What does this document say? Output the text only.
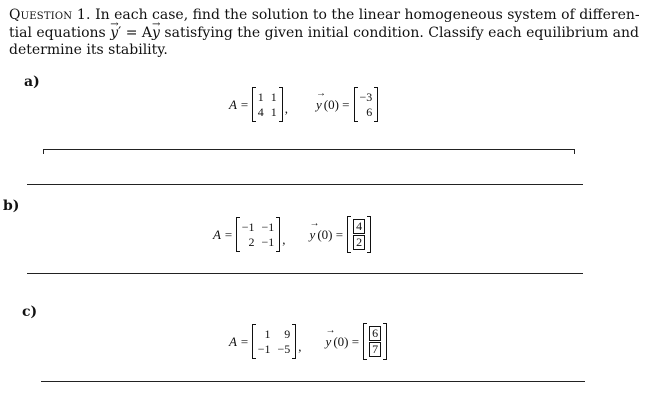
Question 1. In each case, find the solution to the linear homogeneous system of differen-
tial equations → y′ = A→ y satisfying the given initial condition. Classify each equilibrium and
determine its stability.
a)
A = 1 1
4 1 , → y (0) = −3
6
b)
A = −1 −1
2 −1 , → y $(0) = \frac{4}{2}$
c)
A =	1	9
−1 −5 , → y $(0) = \frac{6}{7}$
